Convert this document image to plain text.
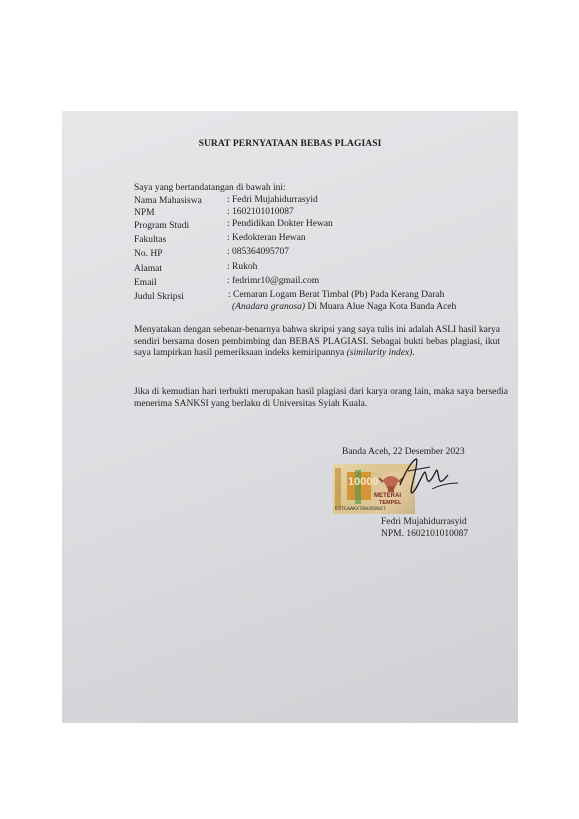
SURAT PERNYATAAN BEBAS PLAGIASI
Saya yang bertandatangan di bawah ini:
Nama Mahasiswa	: Fedri Mujahidurrasyid
NPM	: 1602101010087
Program Studi	: Pendidikan Dokter Hewan
Fakultas	: Kedokteran Hewan
No. HP	: 085364095707
Alamat	: Rukoh
Email	: fedrimr10@gmail.com
Judul Skripsi	: Cemaran Logam Berat Timbal (Pb) Pada Kerang Darah
(Anadara granosa) Di Muara Alue Naga Kota Banda Aceh
Menyatakan dengan sebenar-benarnya bahwa skripsi yang saya tulis ini adalah ASLI hasil karya sendiri bersama dosen pembimbing dan BEBAS PLAGIASI. Sebagai bukti bebas plagiasi, ikut saya lampirkan hasil pemeriksaan indeks kemiripannya (similarity index).
Jika di kemudian hari terbukti merupakan hasil plagiasi dari karya orang lain, maka saya bersedia menerima SANKSI yang berlaku di Universitas Syiah Kuala.
Banda Aceh, 22 Desember 2023
10000
METERAI
TEMPEL
E37CAAKX780359927
Fedri Mujahidurrasyid
NPM. 1602101010087
